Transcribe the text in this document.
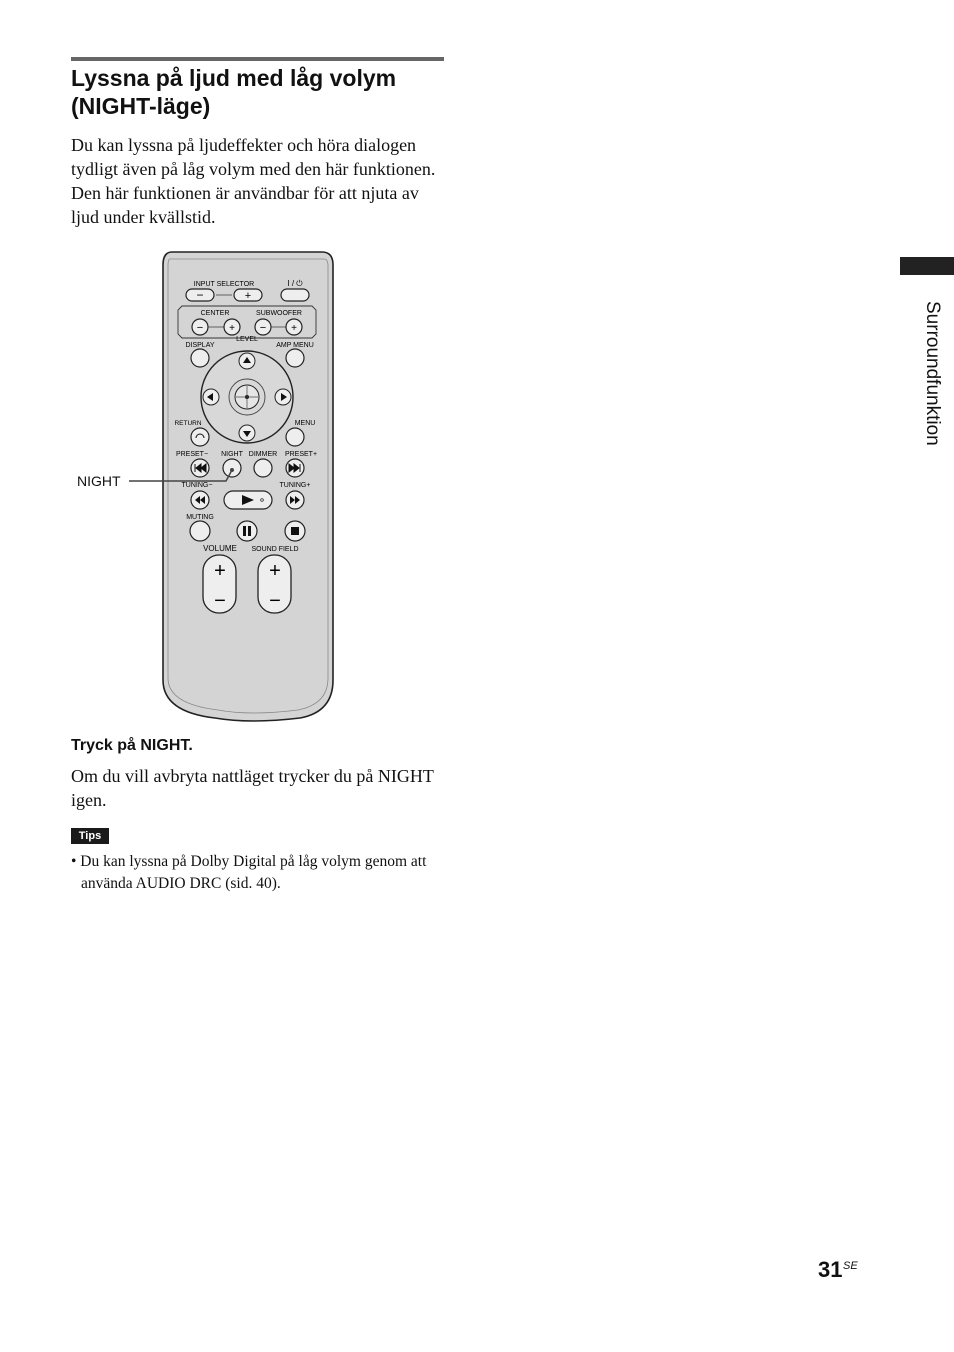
Lyssna på ljud med låg volym (NIGHT-läge)

Du kan lyssna på ljudeffekter och höra dialogen tydligt även på låg volym med den här funktionen. Den här funktionen är användbar för att njuta av ljud under kvällstid.

INPUT SELECTOR	I / ⏻
−	+
CENTER	SUBWOOFER
−	+ − +
LEVEL
DISPLAY	AMP MENU
RETURN	MENU
PRESET− NIGHT DIMMER PRESET+
TUNING−	TUNING+
MUTING
VOLUME SOUND FIELD
+
−
+
−
NIGHT
Tryck på NIGHT.

Om du vill avbryta nattläget trycker du på NIGHT igen.

Tips

• Du kan lyssna på Dolby Digital på låg volym genom att använda AUDIO DRC (sid. 40).

Surroundfunktion
31 SE
